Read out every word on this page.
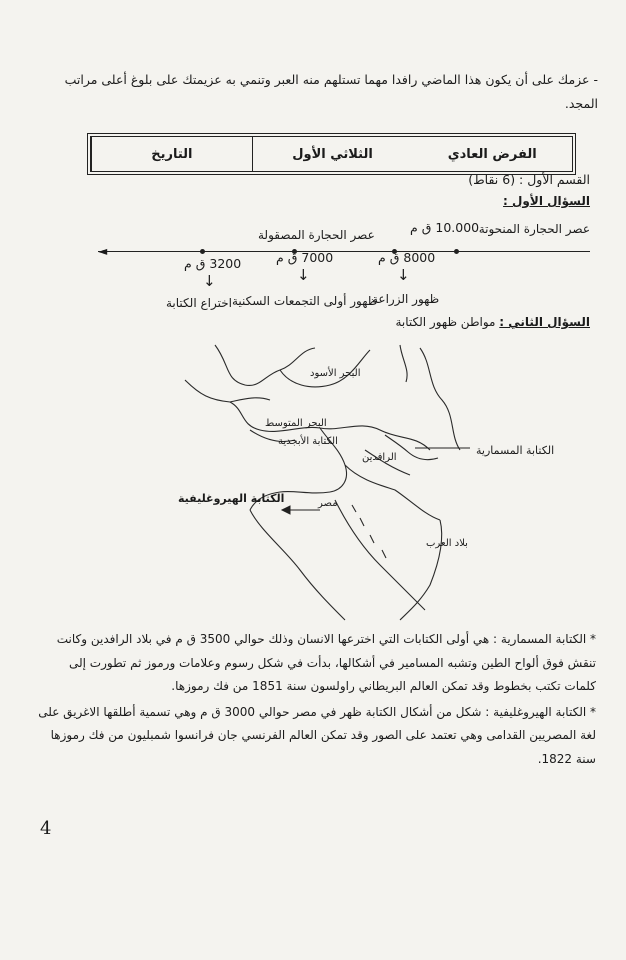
- عزمك على أن يكون هذا الماضي رافدا مهما تستلهم منه العبر وتنمي به عزيمتك على بلوغ أعلى مراتب المجد.
التاريخ	الثلاثي الأول	الفرض العادي
القسم الأول : (6 نقاط)
السؤال الأول :
عصر الحجارة المنحوتة
10.000 ق م
عصر الحجارة المصقولة
◄	8000 ق م
7000 ق م
3200 ق م
↓
↓
↓
ظهور الزراعة
ظهور أولى التجمعات السكنية
اختراع الكتابة
السؤال الثاني : مواطن ظهور الكتابة
البحر الأسود
البحر المتوسط
الكتابة الأبجدية
الرافدين
مصر
بلاد العرب
الكتابة المسمارية
الكتابة الهيروغليفية

* الكتابة المسمارية : هي أولى الكتابات التي اخترعها الانسان وذلك حوالي 3500 ق م في بلاد الرافدين وكانت تنقش فوق ألواح الطين وتشبه المسامير في أشكالها، بدأت في شكل رسوم وعلامات ورموز ثم تطورت إلى كلمات تكتب بخطوط وقد تمكن العالم البريطاني راولسون سنة 1851 من فك رموزها.

* الكتابة الهيروغليفية : شكل من أشكال الكتابة ظهر في مصر حوالي 3000 ق م وهي تسمية أطلقها الاغريق على لغة المصريين القدامى وهي تعتمد على الصور وقد تمكن العالم الفرنسي جان فرانسوا شمبليون من فك رموزها سنة 1822.

4
